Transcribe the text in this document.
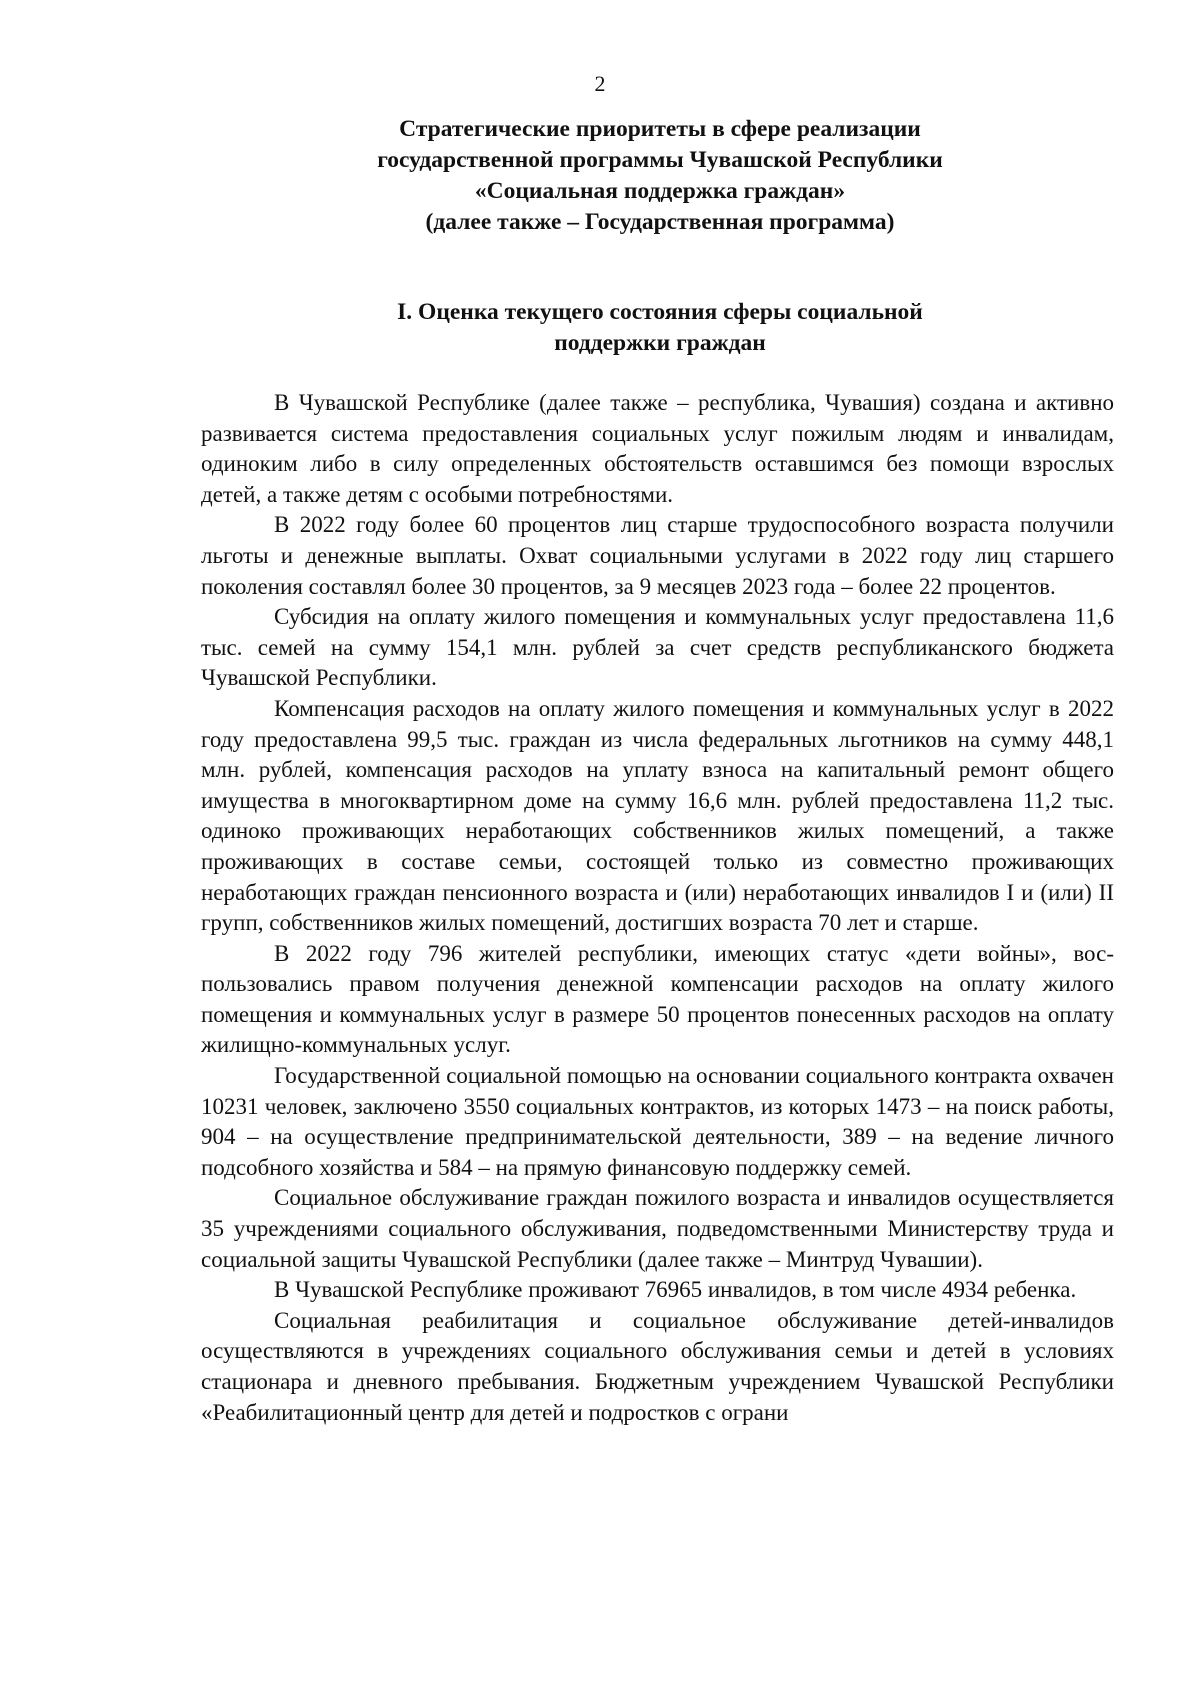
2
Стратегические приоритеты в сфере реализации
государственной программы Чувашской Республики
«Социальная поддержка граждан»
(далее также – Государственная программа)
I. Оценка текущего состояния сферы социальной
поддержки граждан

В Чувашской Республике (далее также – республика, Чувашия) создана и активно развивается система предоставления социальных услуг пожилым людям и инвалидам, одиноким либо в силу определенных обстоятельств оставшимся без помощи взрослых детей, а также детям с особыми потребностями.

В 2022 году более 60 процентов лиц старше трудоспособного возраста получили льготы и денежные выплаты. Охват социальными услугами в 2022 году лиц старшего поколения составлял более 30 процентов, за 9 месяцев 2023 года – более 22 процентов.

Субсидия на оплату жилого помещения и коммунальных услуг предоставлена 11,6 тыс. семей на сумму 154,1 млн. рублей за счет средств республиканского бюджета Чувашской Республики.

Компенсация расходов на оплату жилого помещения и коммунальных услуг в 2022 году предоставлена 99,5 тыс. граждан из числа федеральных льготников на сумму 448,1 млн. рублей, компенсация расходов на уплату взноса на капитальный ремонт общего имущества в многоквартирном доме на сумму 16,6 млн. рублей предоставлена 11,2 тыс. одиноко проживающих неработающих собственников жилых помещений, а также проживающих в составе семьи, состоящей только из совместно проживающих неработающих граждан пенсионного возраста и (или) неработающих инвалидов I и (или) II групп, собственников жилых помещений, достигших возраста 70 лет и старше.

В 2022 году 796 жителей республики, имеющих статус «дети войны», воспользовались правом получения денежной компенсации расходов на оплату жилого помещения и коммунальных услуг в размере 50 процентов понесенных расходов на оплату жилищно-коммунальных услуг.

Государственной социальной помощью на основании социального контракта охвачен 10231 человек, заключено 3550 социальных контрактов, из которых 1473 – на поиск работы, 904 – на осуществление предпринимательской деятельности, 389 – на ведение личного подсобного хозяйства и 584 – на прямую финансовую поддержку семей.

Социальное обслуживание граждан пожилого возраста и инвалидов осуществляется 35 учреждениями социального обслуживания, подведомственными Министерству труда и социальной защиты Чувашской Республики (далее также – Минтруд Чувашии).

В Чувашской Республике проживают 76965 инвалидов, в том числе 4934 ребенка.

Социальная реабилитация и социальное обслуживание детей-инвалидов осуществляются в учреждениях социального обслуживания семьи и детей в условиях стационара и дневного пребывания. Бюджетным учреждением Чувашской Республики «Реабилитационный центр для детей и подростков с ограни
